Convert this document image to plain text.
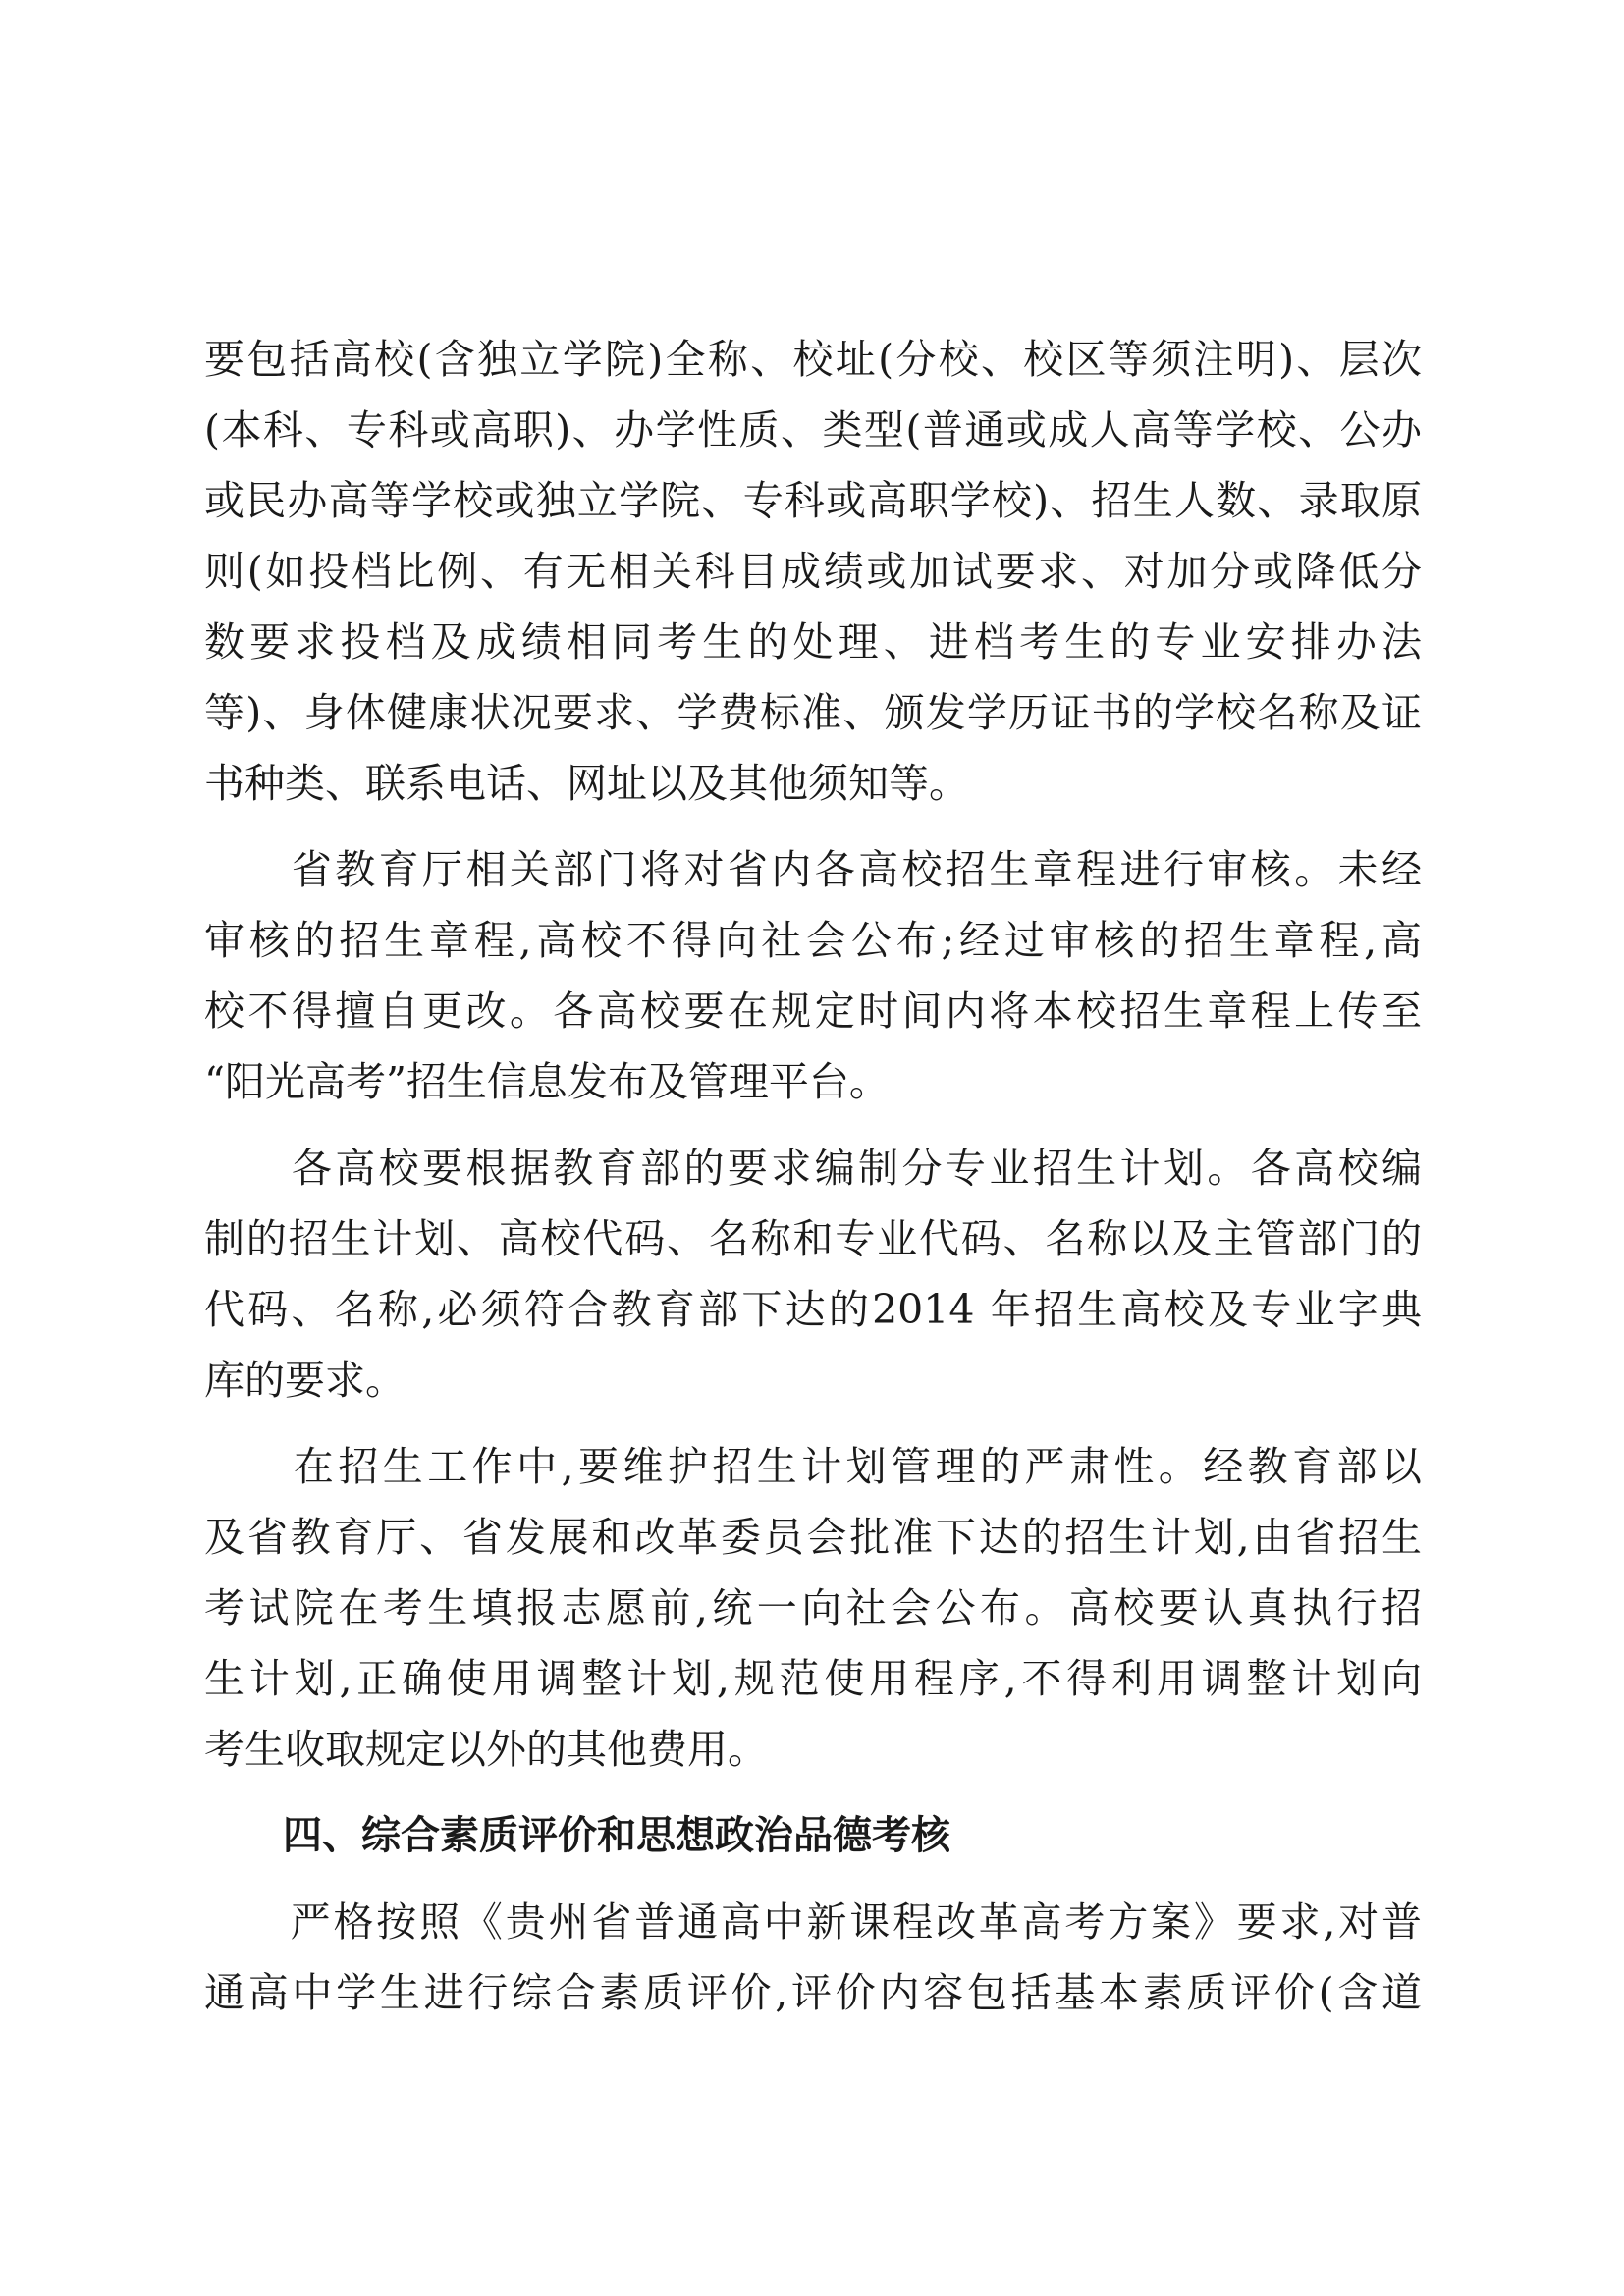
要包括高校(含独立学院)全称、校址(分校、校区等须注明)、层次
(本科、专科或高职)、办学性质、类型(普通或成人高等学校、公办
或民办高等学校或独立学院、专科或高职学校)、招生人数、录取原
则(如投档比例、有无相关科目成绩或加试要求、对加分或降低分
数要求投档及成绩相同考生的处理、进档考生的专业安排办法
等)、身体健康状况要求、学费标准、颁发学历证书的学校名称及证
书种类、联系电话、网址以及其他须知等。
　　省教育厅相关部门将对省内各高校招生章程进行审核。未经
审核的招生章程,高校不得向社会公布;经过审核的招生章程,高
校不得擅自更改。各高校要在规定时间内将本校招生章程上传至
“阳光高考”招生信息发布及管理平台。
　　各高校要根据教育部的要求编制分专业招生计划。各高校编
制的招生计划、高校代码、名称和专业代码、名称以及主管部门的
代码、名称,必须符合教育部下达的2014 年招生高校及专业字典
库的要求。
　　在招生工作中,要维护招生计划管理的严肃性。经教育部以
及省教育厅、省发展和改革委员会批准下达的招生计划,由省招生
考试院在考生填报志愿前,统一向社会公布。高校要认真执行招
生计划,正确使用调整计划,规范使用程序,不得利用调整计划向
考生收取规定以外的其他费用。
　　四、综合素质评价和思想政治品德考核
　　严格按照《贵州省普通高中新课程改革高考方案》要求,对普
通高中学生进行综合素质评价,评价内容包括基本素质评价(含道
